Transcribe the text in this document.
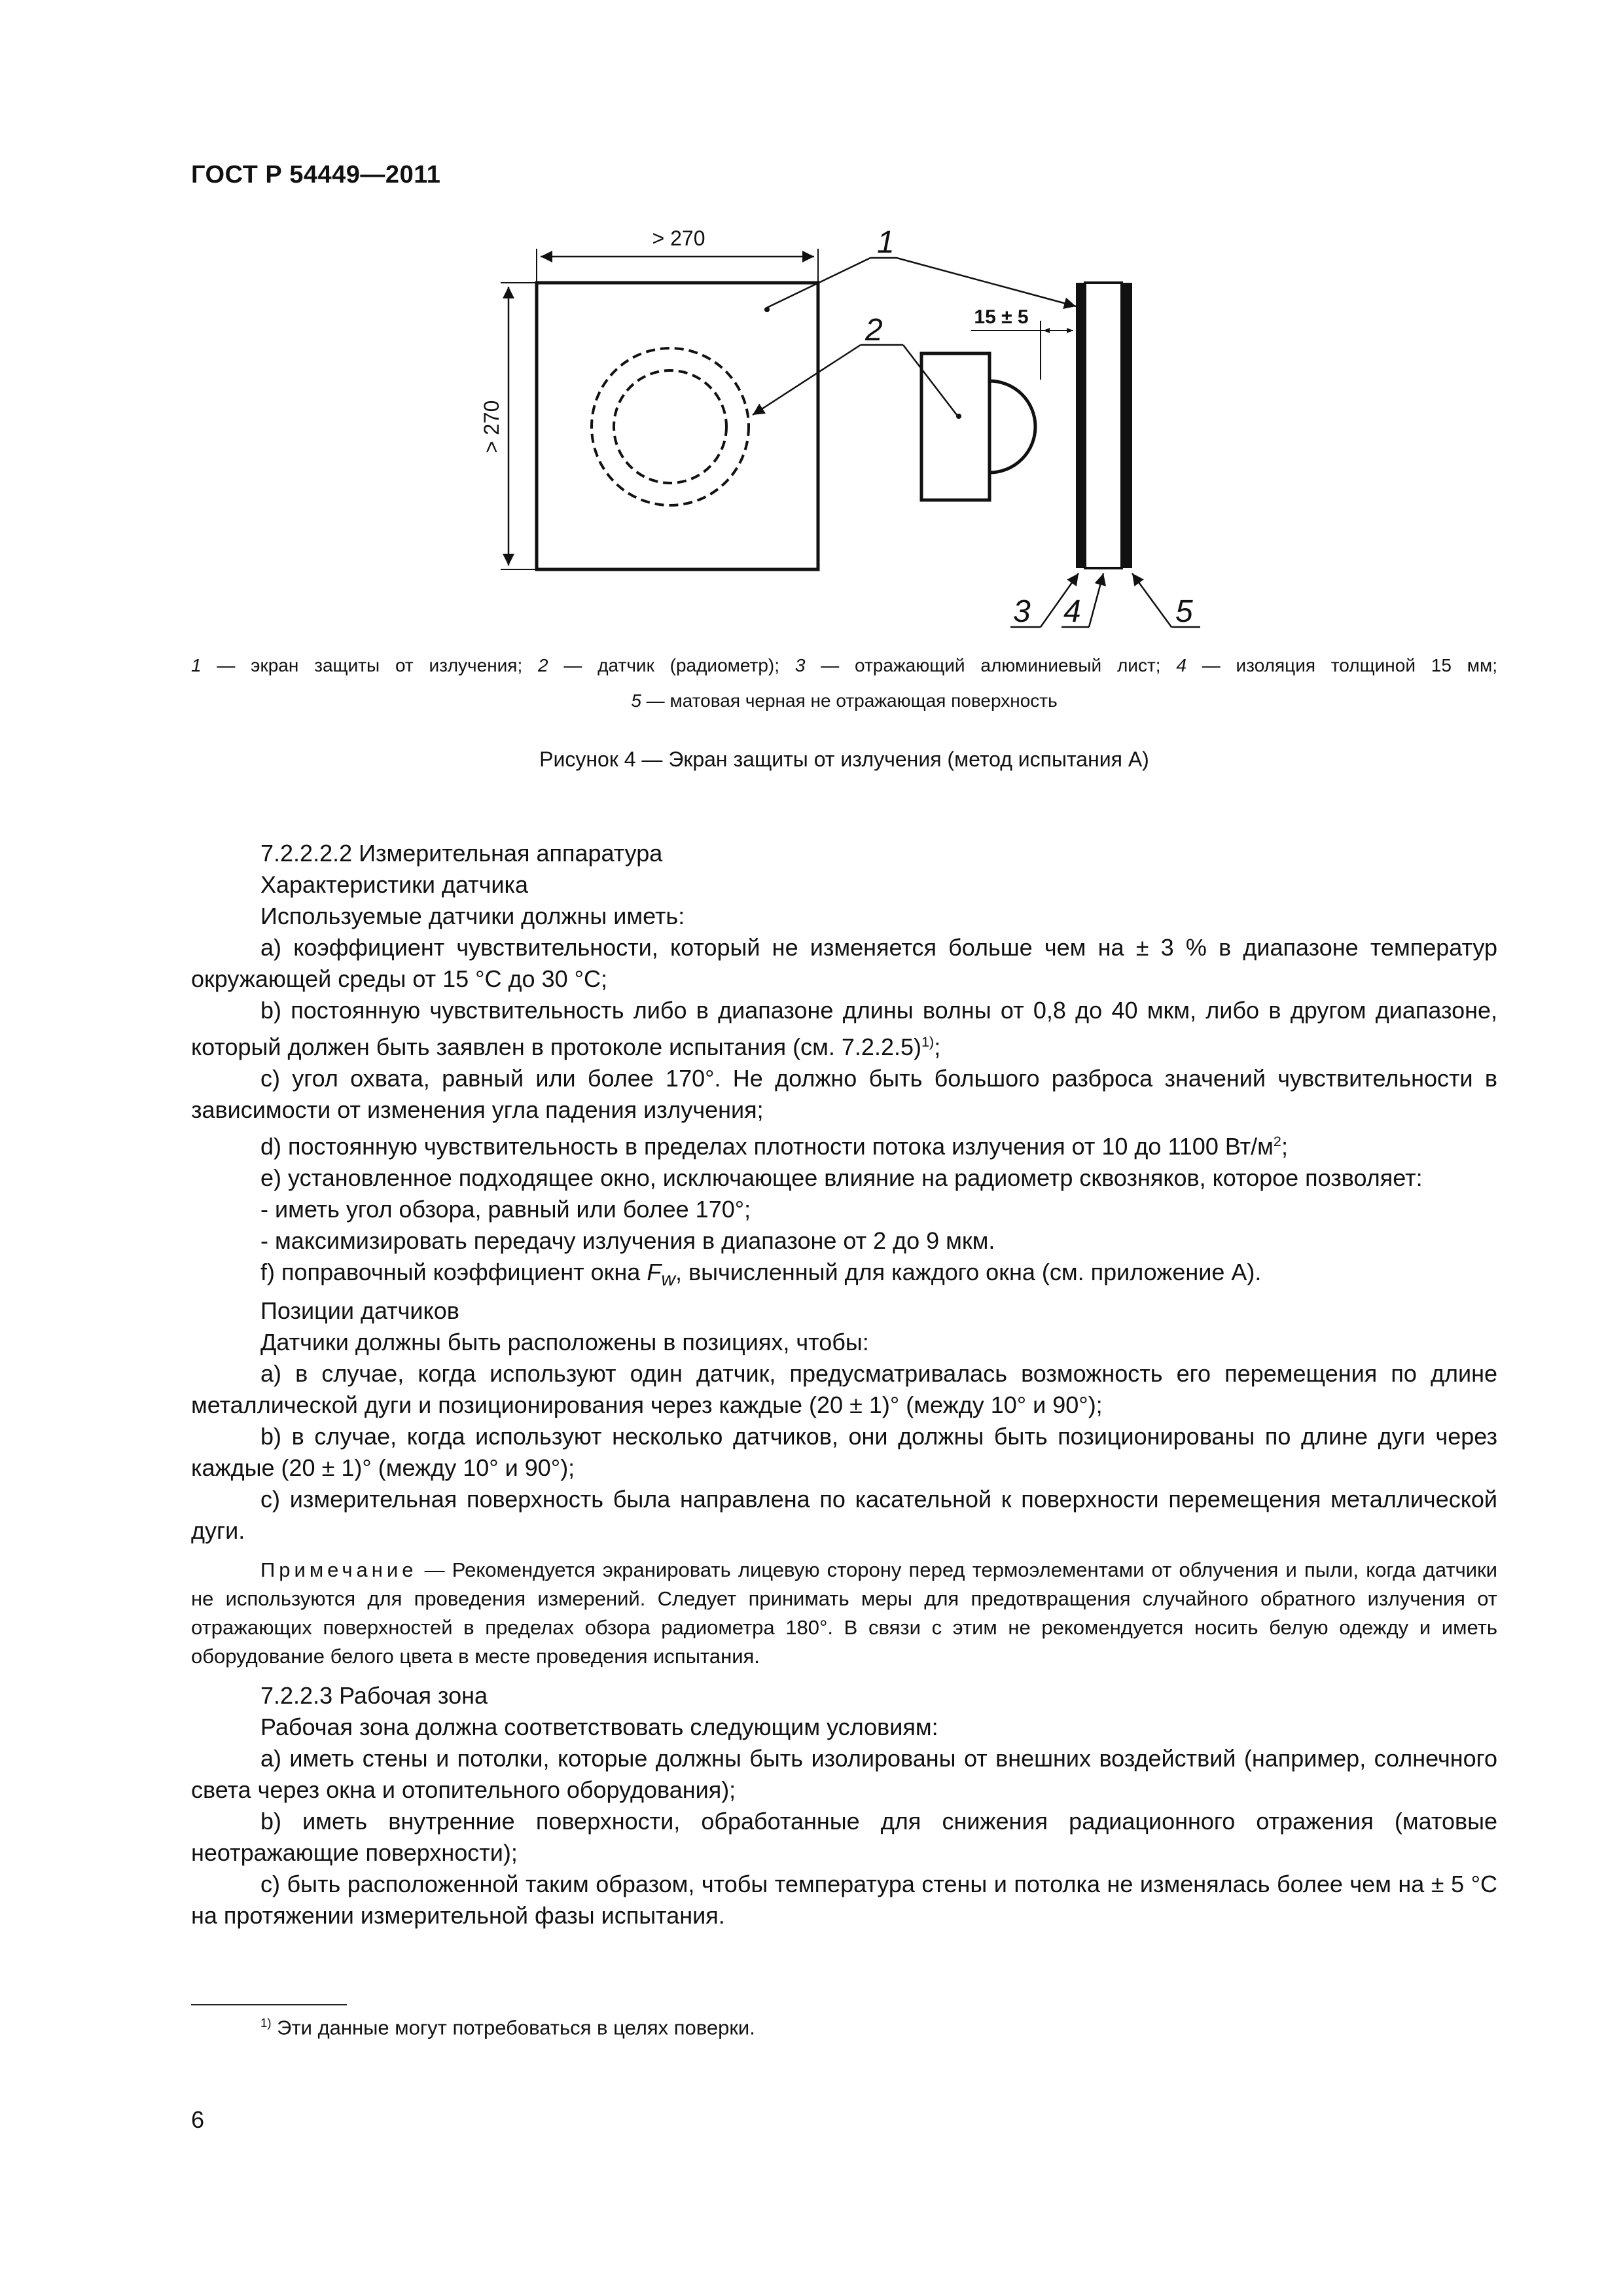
ГОСТ Р 54449—2011
> 270
> 270
15 ± 5
1
2
3 4	5
1 — экран защиты от излучения; 2 — датчик (радиометр); 3 — отражающий алюминиевый лист; 4 — изоляция толщиной 15 мм;
5 — матовая черная не отражающая поверхность
Рисунок 4 — Экран защиты от излучения (метод испытания А)

7.2.2.2.2 Измерительная аппаратура

Характеристики датчика

Используемые датчики должны иметь:

а) коэффициент чувствительности, который не изменяется больше чем на ± 3 % в диапазоне температур окружающей среды от 15 °С до 30 °С;

b) постоянную чувствительность либо в диапазоне длины волны от 0,8 до 40 мкм, либо в другом диапазоне, который должен быть заявлен в протоколе испытания (см. 7.2.2.5)$^{1)}$;

с) угол охвата, равный или более 170°. Не должно быть большого разброса значений чувствительности в зависимости от изменения угла падения излучения;

d) постоянную чувствительность в пределах плотности потока излучения от 10 до 1100 $Вт/м^2$;

е) установленное подходящее окно, исключающее влияние на радиометр сквозняков, которое позволяет:

- иметь угол обзора, равный или более 170°;

- максимизировать передачу излучения в диапазоне от 2 до 9 мкм.

f) поправочный коэффициент окна $F_w$, вычисленный для каждого окна (см. приложение А).

Позиции датчиков

Датчики должны быть расположены в позициях, чтобы:

а) в случае, когда используют один датчик, предусматривалась возможность его перемещения по длине металлической дуги и позиционирования через каждые (20 ± 1)° (между 10° и 90°);

b) в случае, когда используют несколько датчиков, они должны быть позиционированы по длине дуги через каждые (20 ± 1)° (между 10° и 90°);

с) измерительная поверхность была направлена по касательной к поверхности перемещения металлической дуги.

Примечание — Рекомендуется экранировать лицевую сторону перед термоэлементами от облучения и пыли, когда датчики не используются для проведения измерений. Следует принимать меры для предотвращения случайного обратного излучения от отражающих поверхностей в пределах обзора радиометра 180°. В связи с этим не рекомендуется носить белую одежду и иметь оборудование белого цвета в месте проведения испытания.

7.2.2.3 Рабочая зона

Рабочая зона должна соответствовать следующим условиям:

а) иметь стены и потолки, которые должны быть изолированы от внешних воздействий (например, солнечного света через окна и отопительного оборудования);

b) иметь внутренние поверхности, обработанные для снижения радиационного отражения (матовые неотражающие поверхности);

с) быть расположенной таким образом, чтобы температура стены и потолка не изменялась более чем на ± 5 °С на протяжении измерительной фазы испытания.

$^{1)}$ Эти данные могут потребоваться в целях поверки.
6
